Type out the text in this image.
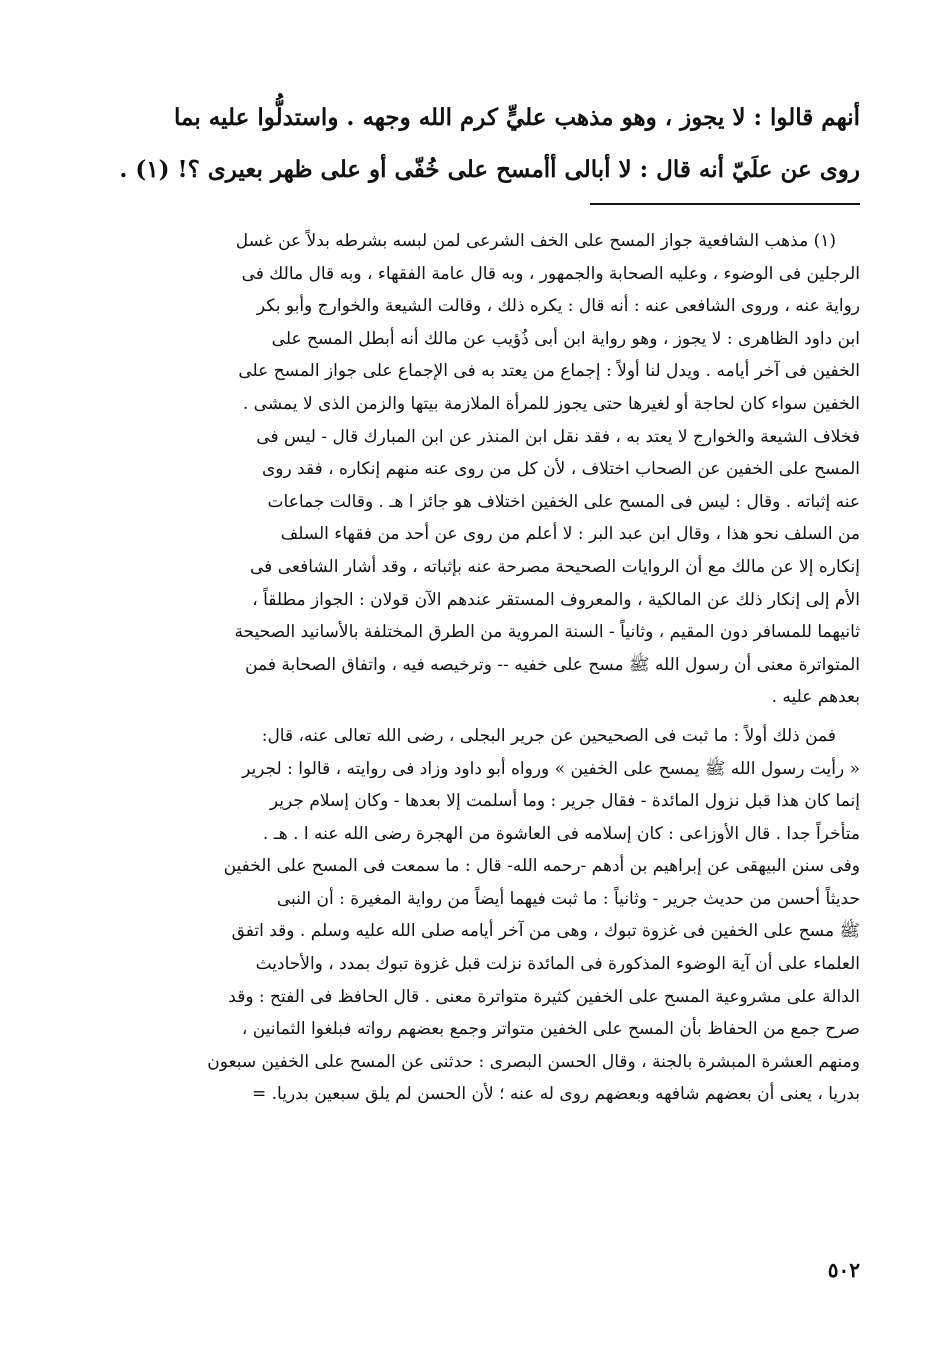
أنهم قالوا : لا يجوز ، وهو مذهب عليٍّ كرم الله وجهه . واستدلُّوا عليه بما

روى عن علَيّ أنه قال : لا أبالى أأمسح على خُفّى أو على ظهر بعيرى ؟! (١) .

(١) مذهب الشافعية جواز المسح على الخف الشرعى لمن لبسه بشرطه بدلاً عن غسل

الرجلين فى الوضوء ، وعليه الصحابة والجمهور ، وبه قال عامة الفقهاء ، وبه قال مالك فى

رواية عنه ، وروى الشافعى عنه : أنه قال : يكره ذلك ، وقالت الشيعة والخوارج وأبو بكر

ابن داود الظاهرى : لا يجوز ، وهو رواية ابن أبى ذُؤيب عن مالك أنه أبطل المسح على

الخفين فى آخر أيامه . ويدل لنا أولاً : إجماع من يعتد به فى الإجماع على جواز المسح على

الخفين سواء كان لحاجة أو لغيرها حتى يجوز للمرأة الملازمة بيتها والزمن الذى لا يمشى .

فخلاف الشيعة والخوارج لا يعتد به ، فقد نقل ابن المنذر عن ابن المبارك قال - ليس فى

المسح على الخفين عن الصحاب اختلاف ، لأن كل من روى عنه منهم إنكاره ، فقد روى

عنه إثباته . وقال : ليس فى المسح على الخفين اختلاف هو جائز ا هـ . وقالت جماعات

من السلف نحو هذا ، وقال ابن عبد البر : لا أعلم من روى عن أحد من فقهاء السلف

إنكاره إلا عن مالك مع أن الروايات الصحيحة مصرحة عنه بإثباته ، وقد أشار الشافعى فى

الأم إلى إنكار ذلك عن المالكية ، والمعروف المستقر عندهم الآن قولان : الجواز مطلقاً ،

ثانيهما للمسافر دون المقيم ، وثانياً - السنة المروية من الطرق المختلفة بالأسانيد الصحيحة

المتواترة معنى أن رسول الله ﷺ مسح على خفيه -- وترخيصه فيه ، واتفاق الصحابة فمن

بعدهم عليه .

فمن ذلك أولاً : ما ثبت فى الصحيحين عن جرير البجلى ، رضى الله تعالى عنه، قال:

« رأيت رسول الله ﷺ يمسح على الخفين » ورواه أبو داود وزاد فى روايته ، قالوا : لجرير

إنما كان هذا قبل نزول المائدة - فقال جرير : وما أسلمت إلا بعدها - وكان إسلام جرير

متأخراً جدا . قال الأوزاعى : كان إسلامه فى العاشوة من الهجرة رضى الله عنه ا . هـ .

وفى سنن البيهقى عن إبراهيم بن أدهم -رحمه الله- قال : ما سمعت فى المسح على الخفين

حديثاً أحسن من حديث جرير - وثانياً : ما ثبت فيهما أيضاً من رواية المغيرة : أن النبى

ﷺ مسح على الخفين فى غزوة تبوك ، وهى من آخر أيامه صلى الله عليه وسلم . وقد اتفق

العلماء على أن آية الوضوء المذكورة فى المائدة نزلت قبل غزوة تبوك بمدد ، والأحاديث

الدالة على مشروعية المسح على الخفين كثيرة متواترة معنى . قال الحافظ فى الفتح : وقد

صرح جمع من الحفاظ بأن المسح على الخفين متواتر وجمع بعضهم رواته فبلغوا الثمانين ،

ومنهم العشرة المبشرة بالجنة ، وقال الحسن البصرى : حدثنى عن المسح على الخفين سبعون

بدريا ، يعنى أن بعضهم شافهه وبعضهم روى له عنه ؛ لأن الحسن لم يلق سبعين بدريا. =

٥٠٢
